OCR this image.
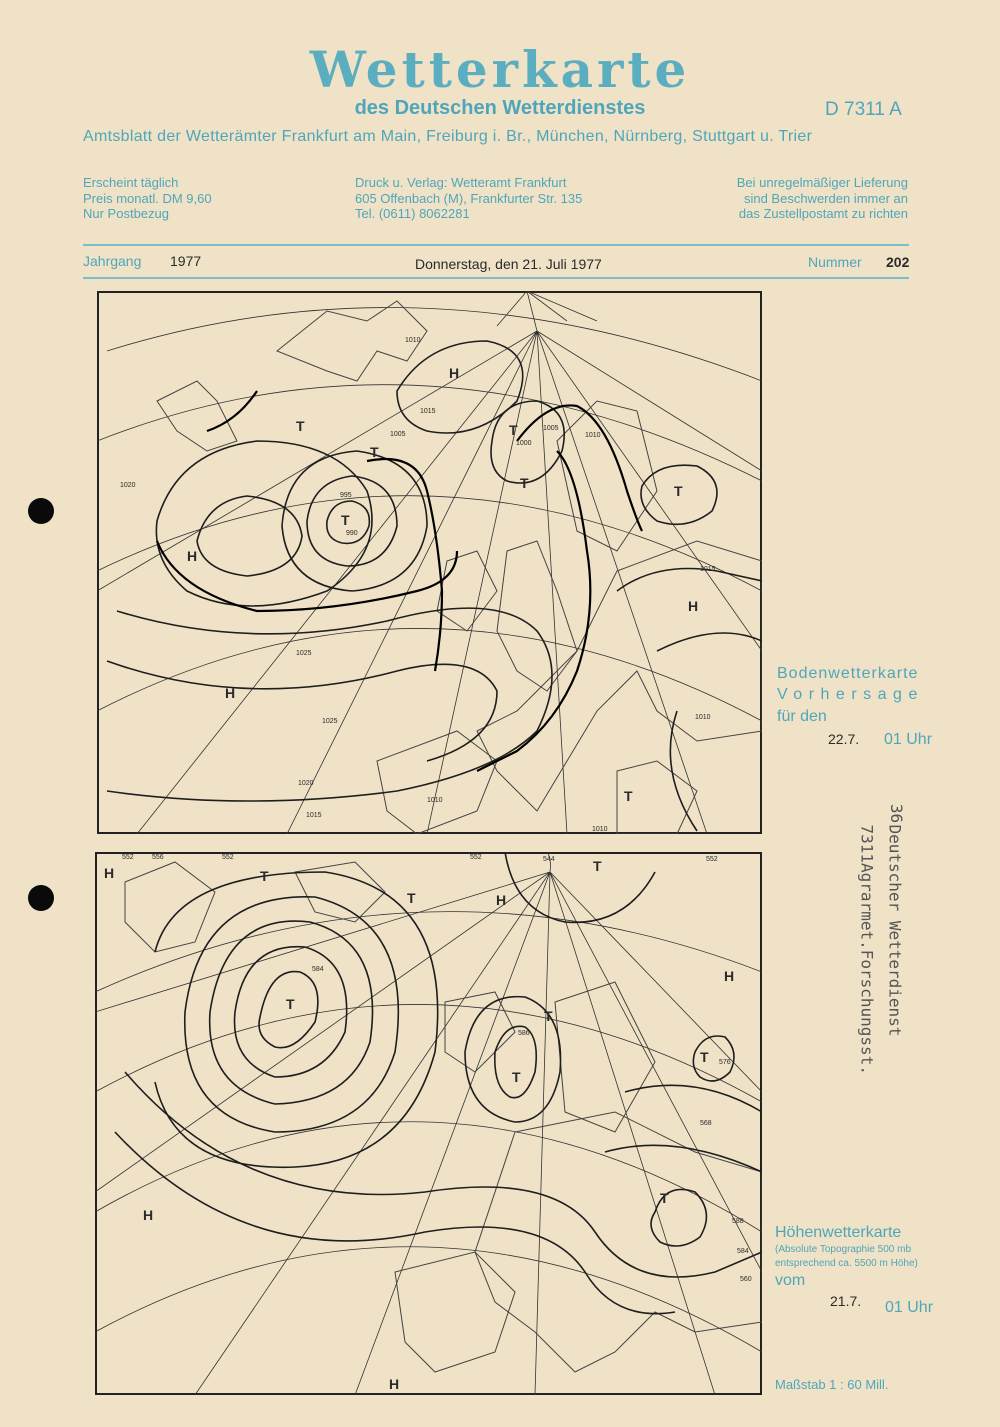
Wetterkarte
des Deutschen Wetterdienstes	D 7311 A
Amtsblatt der Wetterämter Frankfurt am Main, Freiburg i. Br., München, Nürnberg, Stuttgart u. Trier
Erscheint täglich
Preis monatl. DM 9,60
Nur Postbezug
Druck u. Verlag: Wetteramt Frankfurt
605 Offenbach (M), Frankfurter Str. 135
Tel. (0611) 8062281
Bei unregelmäßiger Lieferung
sind Beschwerden immer an
das Zustellpostamt zu richten
Jahrgang 1977	Donnerstag, den 21. Juli 1977	Nummer 202
H
H
H
H
T
T
T
T
T	T
T
1010
1015
1020
1025
1005
1000
995
990
1010
1015
1010
1010
1015
1020
1025
1005	1010
Bodenwetterkarte
Vorhersage
für den
22.7. 01 Uhr
H	T
T
T
H
T
T
T
H
T
H
H
T
552	556	552	552	544	552
584
586
588
584
560
568
576
Höhenwetterkarte
(Absolute Topographie 500 mb
entsprechend ca. 5500 m Höhe)
vom
21.7. 01 Uhr
Maßstab 1 : 60 Mill.
36
Deutscher Wetterdienst
7311Agrarmet.Forschungsst.
